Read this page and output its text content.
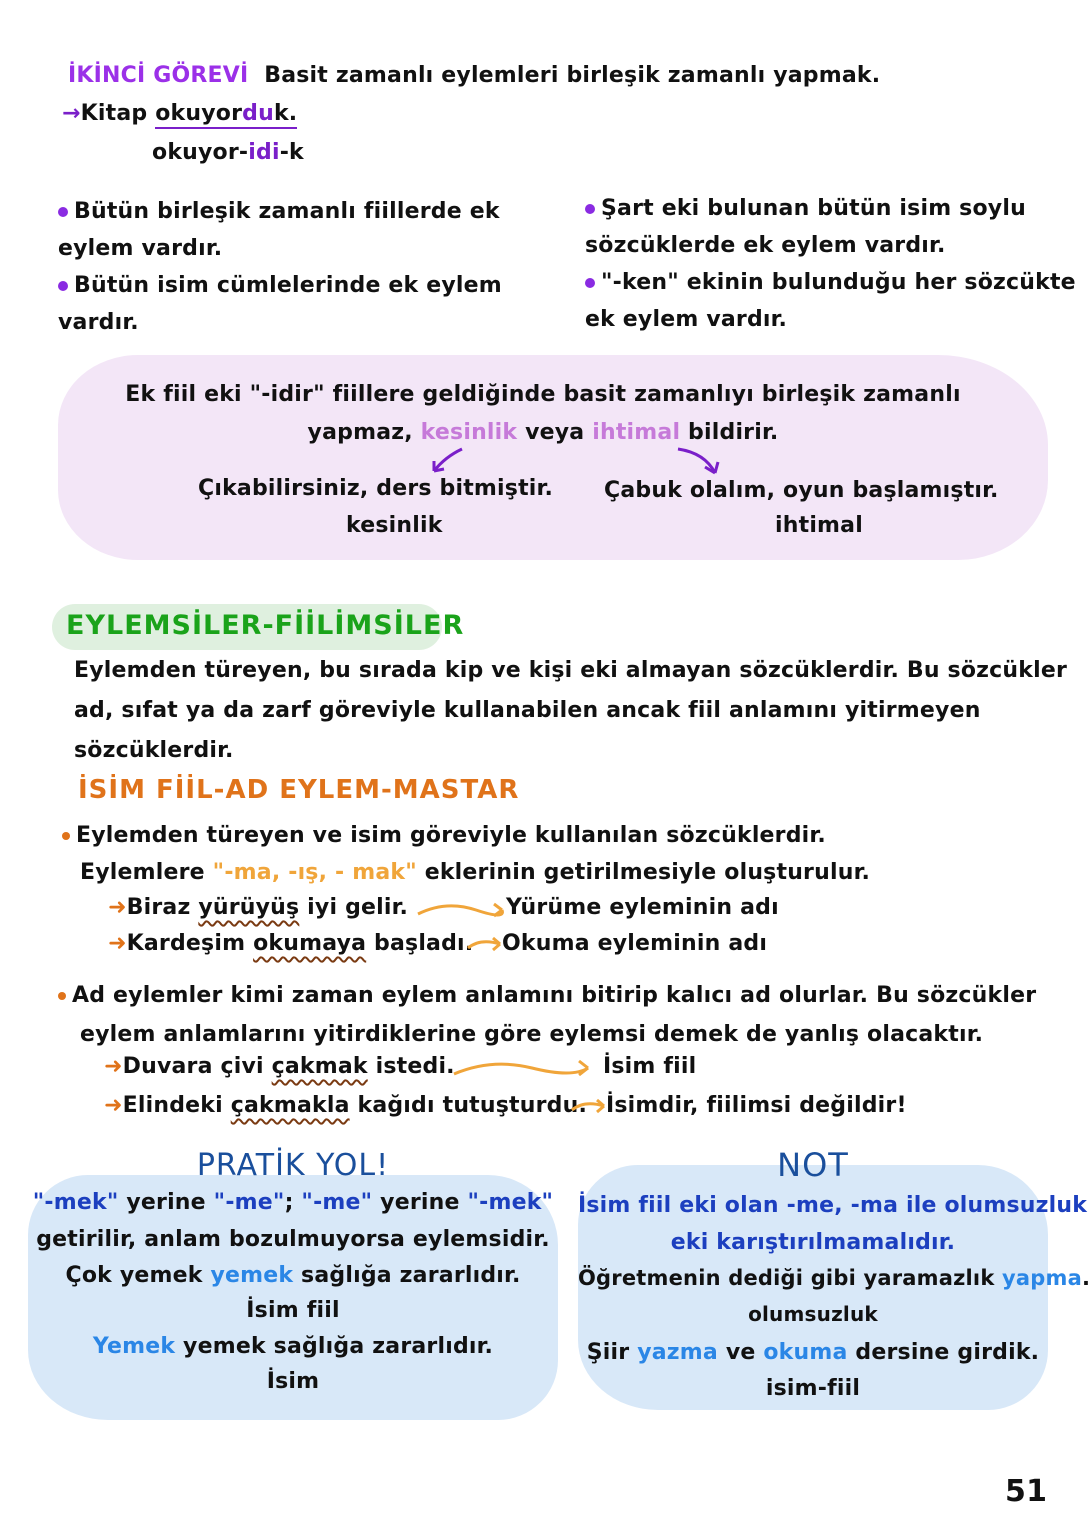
İKİNCİ GÖREVİ Basit zamanlı eylemleri birleşik zamanlı yapmak.
→Kitap okuyorduk.
okuyor-idi-k
Bütün birleşik zamanlı fiillerde ek
eylem vardır.
Bütün isim cümlelerinde ek eylem
vardır.
Şart eki bulunan bütün isim soylu
sözcüklerde ek eylem vardır.
"-ken" ekinin bulunduğu her sözcükte
ek eylem vardır.
Ek fiil eki "-idir" fiillere geldiğinde basit zamanlıyı birleşik zamanlı
yapmaz, kesinlik veya ihtimal bildirir.
Çıkabilirsiniz, ders bitmiştir.
kesinlik
Çabuk olalım, oyun başlamıştır.
ihtimal
EYLEMSİLER-FİİLİMSİLER
Eylemden türeyen, bu sırada kip ve kişi eki almayan sözcüklerdir. Bu sözcükler
ad, sıfat ya da zarf göreviyle kullanabilen ancak fiil anlamını yitirmeyen
sözcüklerdir.
İSİM FİİL-AD EYLEM-MASTAR
Eylemden türeyen ve isim göreviyle kullanılan sözcüklerdir.
Eylemlere "-ma, -ış, - mak" eklerinin getirilmesiyle oluşturulur.
➜Biraz yürüyüş iyi gelir.	Yürüme eyleminin adı
➜Kardeşim okumaya başladı. Okuma eyleminin adı
Ad eylemler kimi zaman eylem anlamını bitirip kalıcı ad olurlar. Bu sözcükler
eylem anlamlarını yitirdiklerine göre eylemsi demek de yanlış olacaktır.
➜Duvara çivi çakmak istedi.	İsim fiil
➜Elindeki çakmakla kağıdı tutuşturdu. İsimdir, fiilimsi değildir!
PRATİK YOL!
"-mek" yerine "-me"; "-me" yerine "-mek"
getirilir, anlam bozulmuyorsa eylemsidir.
Çok yemek yemek sağlığa zararlıdır.
İsim fiil
Yemek yemek sağlığa zararlıdır.
İsim
NOT
İsim fiil eki olan -me, -ma ile olumsuzluk
eki karıştırılmamalıdır.
Öğretmenin dediği gibi yaramazlık yapma.
olumsuzluk
Şiir yazma ve okuma dersine girdik.
isim-fiil
51
